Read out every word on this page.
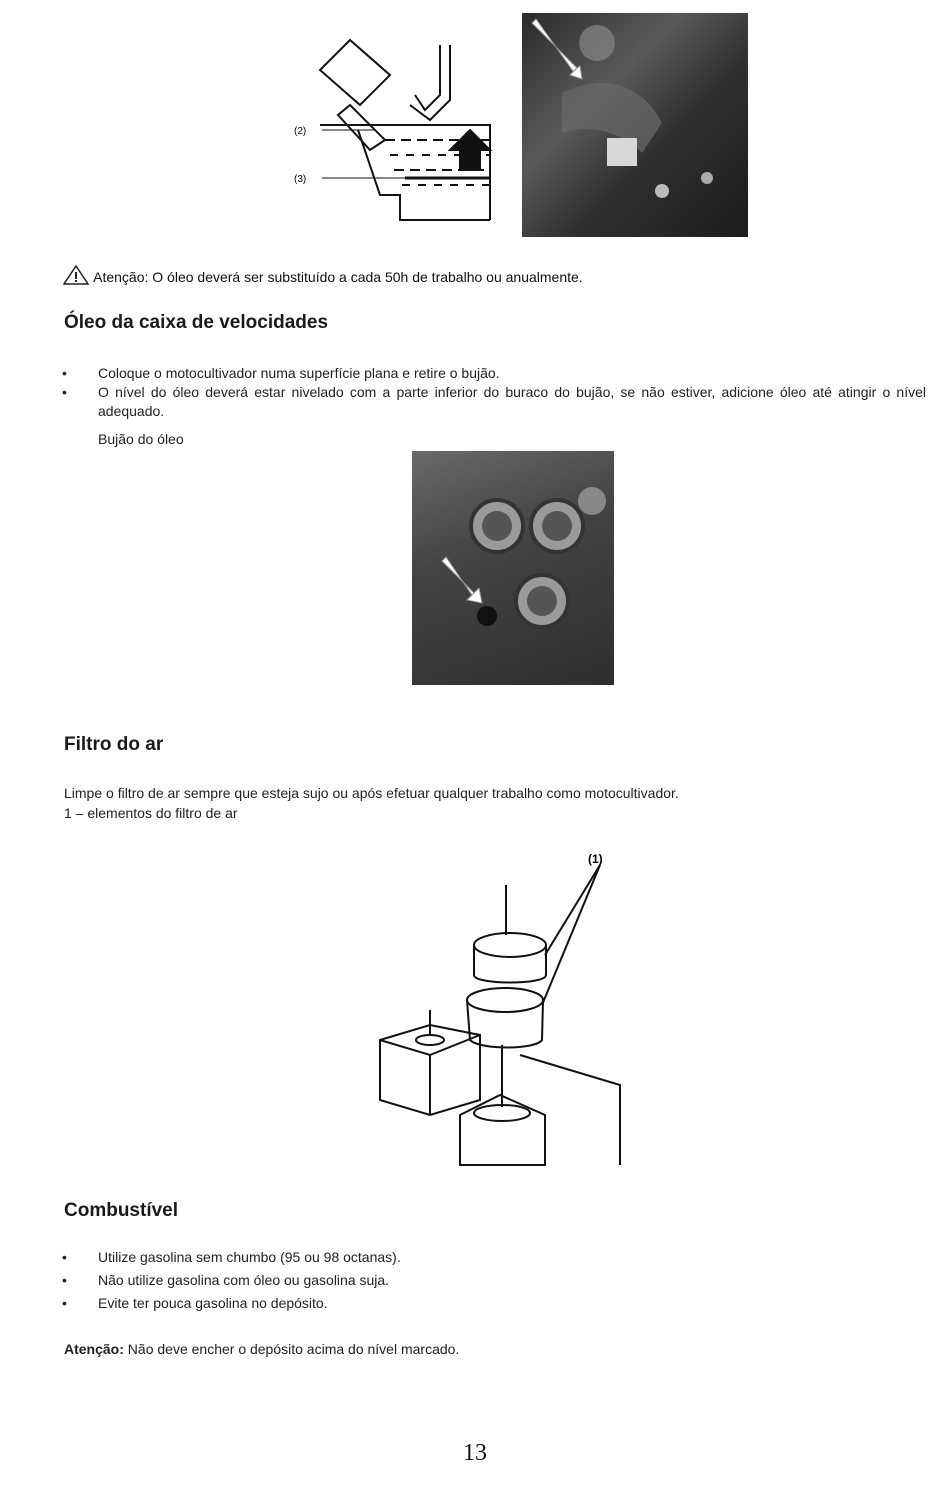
(2)
(3)
Atenção: O óleo deverá ser substituído a cada 50h de trabalho ou anualmente.
Óleo da caixa de velocidades
• Coloque o motocultivador numa superfície plana e retire o bujão.
• O nível do óleo deverá estar nivelado com a parte inferior do buraco do bujão, se não estiver, adicione óleo até atingir o nível adequado.
Bujão do óleo
Filtro do ar
Limpe o filtro de ar sempre que esteja sujo ou após efetuar qualquer trabalho como motocultivador.
1 – elementos do filtro de ar
(1)
Combustível
• Utilize gasolina sem chumbo (95 ou 98 octanas).
• Não utilize gasolina com óleo ou gasolina suja.
• Evite ter pouca gasolina no depósito.
Atenção: Não deve encher o depósito acima do nível marcado.
13
